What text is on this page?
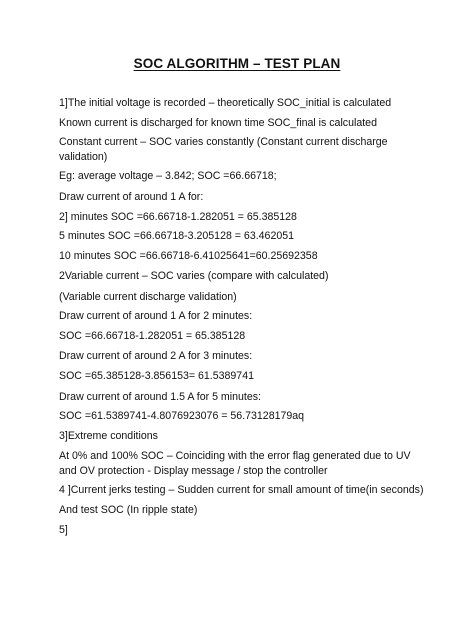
SOC ALGORITHM – TEST PLAN

1]The initial voltage is recorded – theoretically SOC_initial is calculated

Known current is discharged for known time SOC_final is calculated

Constant current – SOC varies constantly (Constant current discharge validation)

Eg: average voltage – 3.842; SOC =66.66718;

Draw current of around 1 A for:

2] minutes SOC =66.66718-1.282051 = 65.385128

5 minutes SOC =66.66718-3.205128 = 63.462051

10 minutes SOC =66.66718-6.41025641=60.25692358

2Variable current – SOC varies (compare with calculated)

(Variable current discharge validation)

Draw current of around 1 A for 2 minutes:

SOC =66.66718-1.282051 = 65.385128

Draw current of around 2 A for 3 minutes:

SOC =65.385128-3.856153= 61.5389741

Draw current of around 1.5 A for 5 minutes:

SOC =61.5389741-4.8076923076 = 56.73128179aq

3]Extreme conditions

At 0% and 100% SOC – Coinciding with the error flag generated due to UV and OV protection - Display message / stop the controller

4 ]Current jerks testing – Sudden current for small amount of time(in seconds)

And test SOC (In ripple state)

5]
